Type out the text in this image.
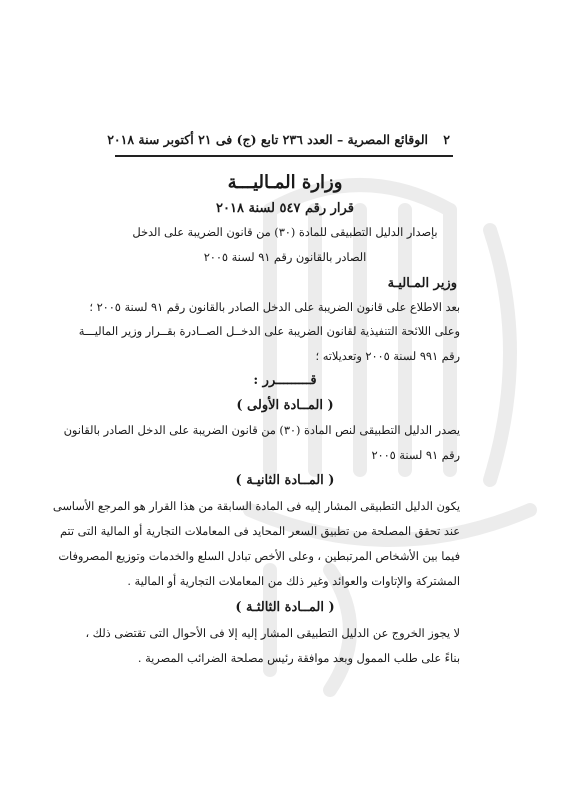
٢
الوقائع المصرية – العدد ٢٣٦ تابع (ج) فى ٢١ أكتوبر سنة ٢٠١٨
وزارة المـاليـــة
قرار رقم ٥٤٧ لسنة ٢٠١٨
بإصدار الدليل التطبيقى للمادة (٣٠) من قانون الضريبة على الدخل
الصادر بالقانون رقم ٩١ لسنة ٢٠٠٥
وزير المـاليـة
بعد الاطلاع على قانون الضريبة على الدخل الصادر بالقانون رقم ٩١ لسنة ٢٠٠٥ ؛
وعلى اللائحة التنفيذية لقانون الضريبة على الدخــل الصــادرة بقــرار وزير الماليـــة
رقم ٩٩١ لسنة ٢٠٠٥ وتعديلاته ؛
قـــــــــرر :
( المــادة الأولى )
يصدر الدليل التطبيقى لنص المادة (٣٠) من قانون الضريبة على الدخل الصادر بالقانون
رقم ٩١ لسنة ٢٠٠٥
( المــادة الثانيـة )
يكون الدليل التطبيقى المشار إليه فى المادة السابقة من هذا القرار هو المرجع الأساسى
عند تحقق المصلحة من تطبيق السعر المحايد فى المعاملات التجارية أو المالية التى تتم
فيما بين الأشخاص المرتبطين ، وعلى الأخص تبادل السلع والخدمات وتوزيع المصروفات
المشتركة والإتاوات والعوائد وغير ذلك من المعاملات التجارية أو المالية .
( المــادة الثالثـة )
لا يجوز الخروج عن الدليل التطبيقى المشار إليه إلا فى الأحوال التى تقتضى ذلك ،
بناءً على طلب الممول وبعد موافقة رئيس مصلحة الضرائب المصرية .
